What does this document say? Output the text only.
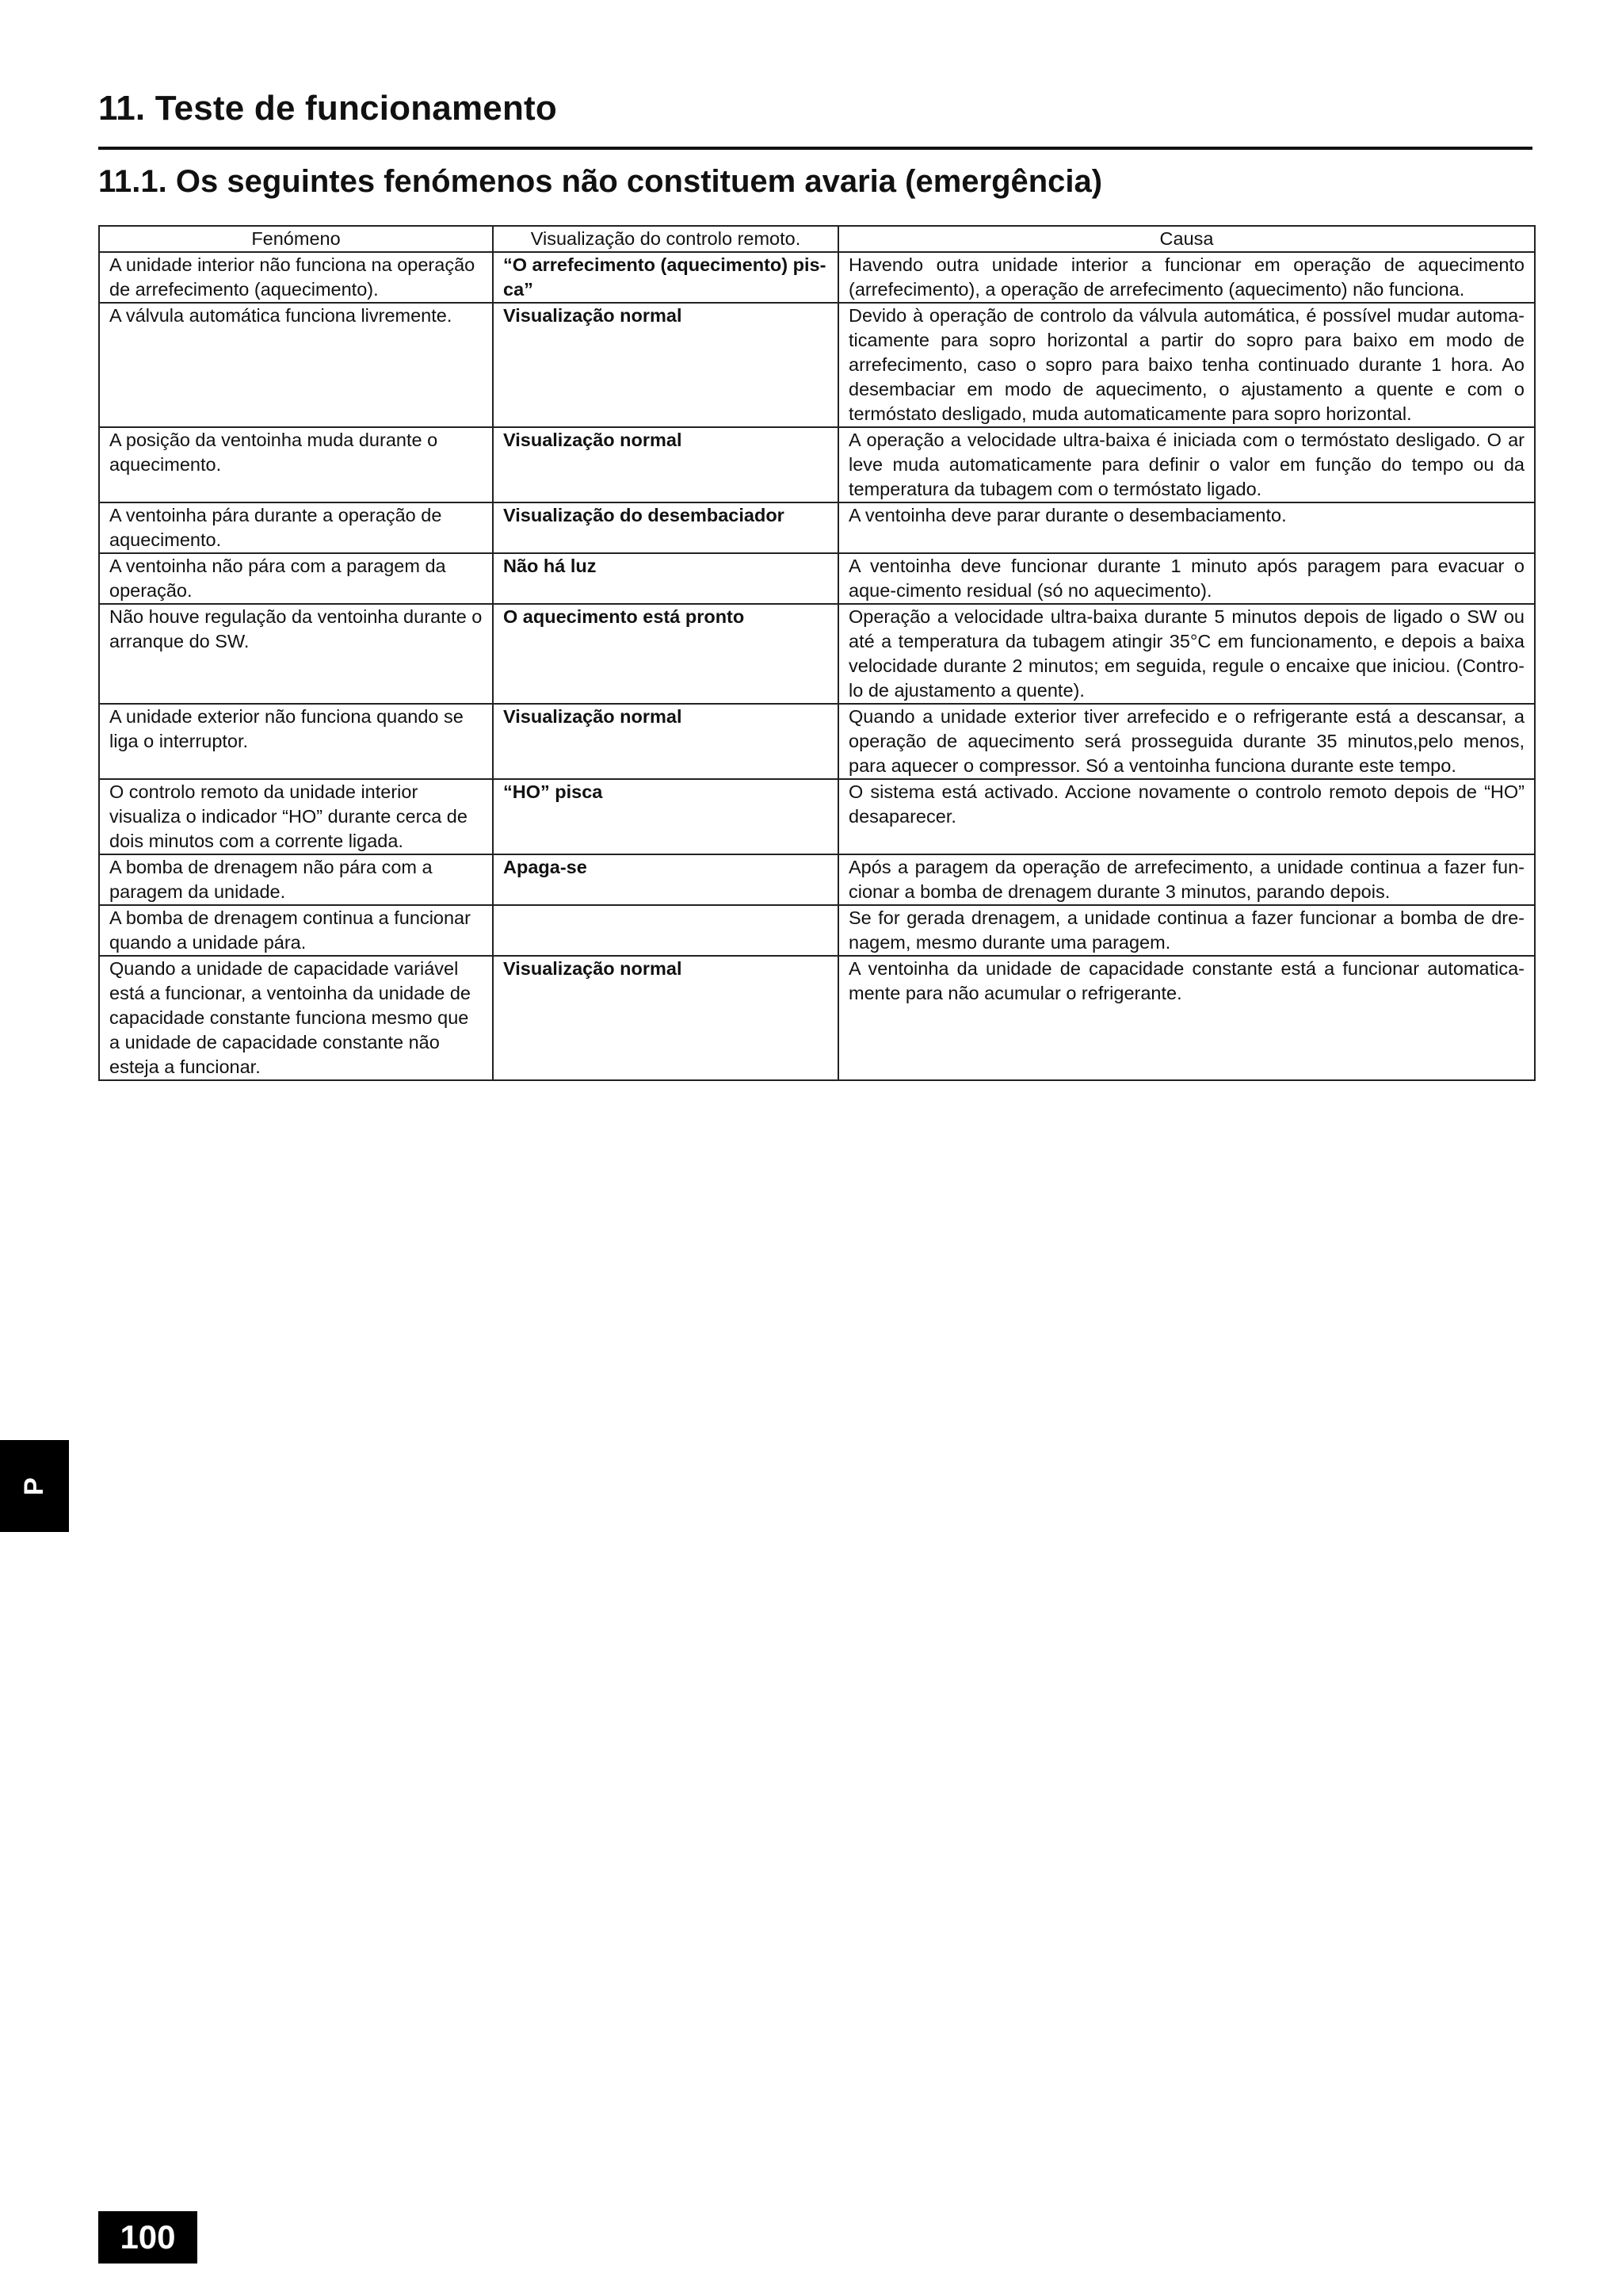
11. Teste de funcionamento
11.1. Os seguintes fenómenos não constituem avaria (emergência)
Fenómeno	Visualização do controlo remoto.	Causa
A unidade interior não funciona na operação de arrefecimento (aquecimento).	“O arrefecimento (aquecimento) pis-ca”	Havendo outra unidade interior a funcionar em operação de aquecimento (arrefecimento), a operação de arrefecimento (aquecimento) não funciona.
A válvula automática funciona livremente.	Visualização normal	Devido à operação de controlo da válvula automática, é possível mudar automa-ticamente para sopro horizontal a partir do sopro para baixo em modo de arrefecimento, caso o sopro para baixo tenha continuado durante 1 hora. Ao desembaciar em modo de aquecimento, o ajustamento a quente e com o termóstato desligado, muda automaticamente para sopro horizontal.
A posição da ventoinha muda durante o aquecimento.	Visualização normal	A operação a velocidade ultra-baixa é iniciada com o termóstato desligado. O ar leve muda automaticamente para definir o valor em função do tempo ou da temperatura da tubagem com o termóstato ligado.
A ventoinha pára durante a operação de aquecimento.	Visualização do desembaciador	A ventoinha deve parar durante o desembaciamento.
A ventoinha não pára com a paragem da operação.	Não há luz	A ventoinha deve funcionar durante 1 minuto após paragem para evacuar o aque-cimento residual (só no aquecimento).
Não houve regulação da ventoinha durante o arranque do SW.	O aquecimento está pronto	Operação a velocidade ultra-baixa durante 5 minutos depois de ligado o SW ou até a temperatura da tubagem atingir 35°C em funcionamento, e depois a baixa velocidade durante 2 minutos; em seguida, regule o encaixe que iniciou. (Contro-lo de ajustamento a quente).
A unidade exterior não funciona quando se liga o interruptor.	Visualização normal	Quando a unidade exterior tiver arrefecido e o refrigerante está a descansar, a operação de aquecimento será prosseguida durante 35 minutos,pelo menos, para aquecer o compressor. Só a ventoinha funciona durante este tempo.
O controlo remoto da unidade interior visualiza o indicador “HO” durante cerca de dois minutos com a corrente ligada.	“HO” pisca	O sistema está activado. Accione novamente o controlo remoto depois de “HO” desaparecer.
A bomba de drenagem não pára com a paragem da unidade.	Apaga-se	Após a paragem da operação de arrefecimento, a unidade continua a fazer fun-cionar a bomba de drenagem durante 3 minutos, parando depois.
A bomba de drenagem continua a funcionar quando a unidade pára.		Se for gerada drenagem, a unidade continua a fazer funcionar a bomba de dre-nagem, mesmo durante uma paragem.
Quando a unidade de capacidade variável está a funcionar, a ventoinha da unidade de capacidade constante funciona mesmo que a unidade de capacidade constante não esteja a funcionar.	Visualização normal	A ventoinha da unidade de capacidade constante está a funcionar automatica-mente para não acumular o refrigerante.
P
100
